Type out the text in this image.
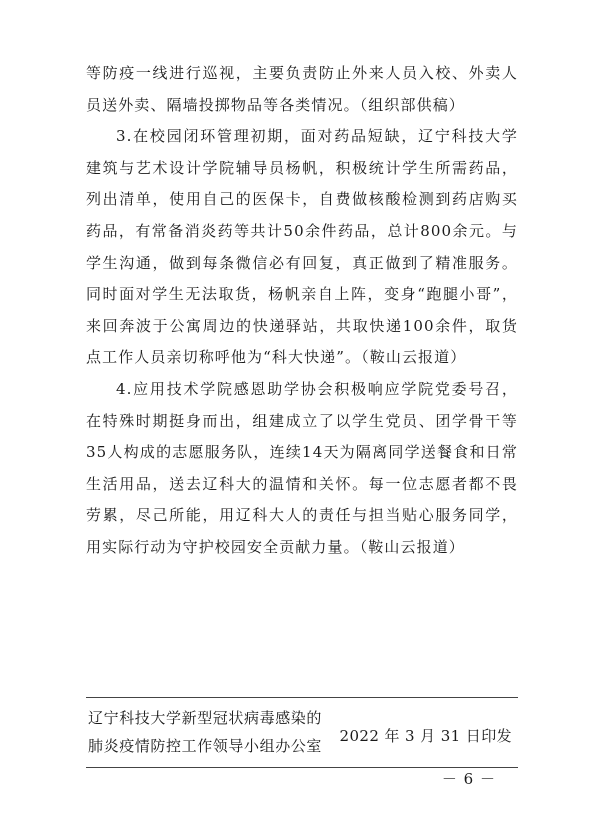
等防疫一线进行巡视，主要负责防止外来人员入校、外卖人员送外卖、隔墙投掷物品等各类情况。（组织部供稿）

3.在校园闭环管理初期，面对药品短缺，辽宁科技大学建筑与艺术设计学院辅导员杨帆，积极统计学生所需药品，列出清单，使用自己的医保卡，自费做核酸检测到药店购买药品，有常备消炎药等共计50余件药品，总计800余元。与学生沟通，做到每条微信必有回复，真正做到了精准服务。同时面对学生无法取货，杨帆亲自上阵，变身“跑腿小哥”，来回奔波于公寓周边的快递驿站，共取快递100余件，取货点工作人员亲切称呼他为“科大快递”。（鞍山云报道）

4.应用技术学院感恩助学协会积极响应学院党委号召，在特殊时期挺身而出，组建成立了以学生党员、团学骨干等35人构成的志愿服务队，连续14天为隔离同学送餐食和日常生活用品，送去辽科大的温情和关怀。每一位志愿者都不畏劳累，尽己所能，用辽科大人的责任与担当贴心服务同学，用实际行动为守护校园安全贡献力量。（鞍山云报道）

辽宁科技大学新型冠状病毒感染的
肺炎疫情防控工作领导小组办公室
2022 年 3 月 31 日印发
－ 6 －
